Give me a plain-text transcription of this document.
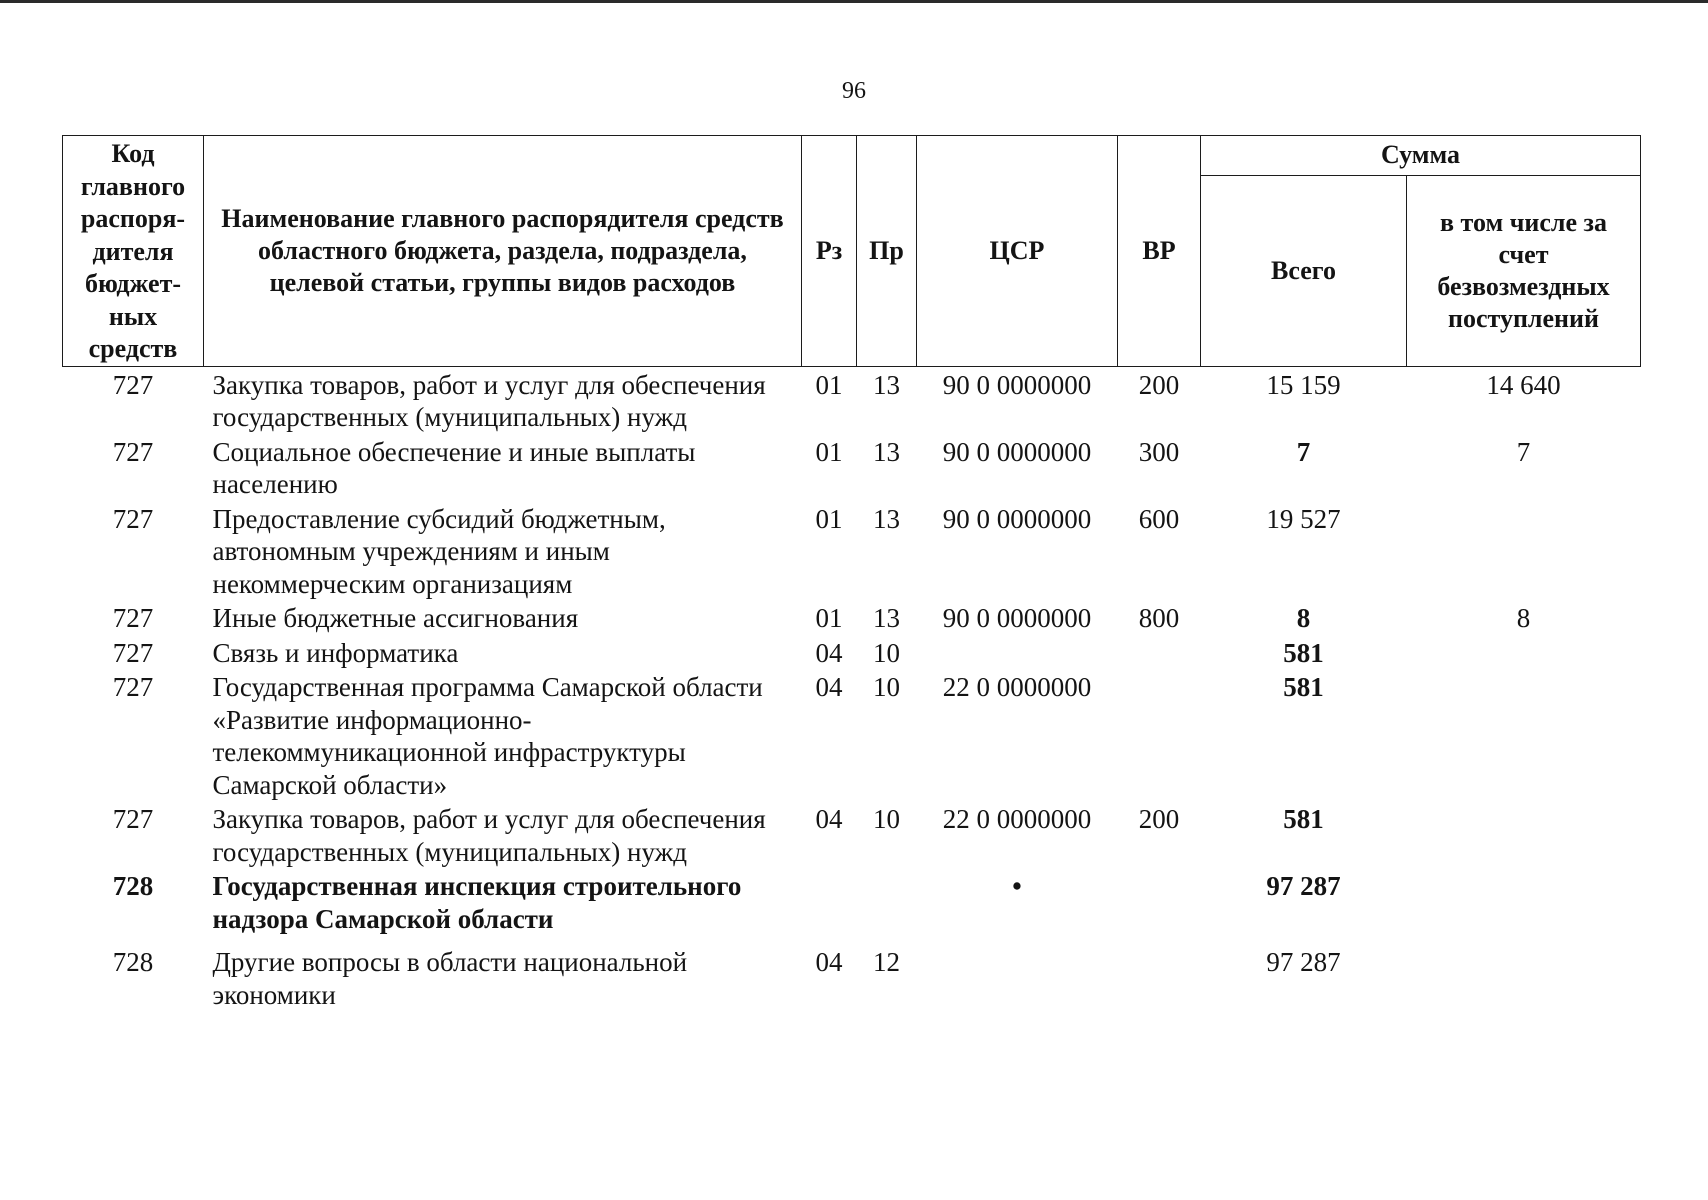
96
Код главного распоря-дителя бюджет-ных средств	Наименование главного распорядителя средств областного бюджета, раздела, подраздела, целевой статьи, группы видов расходов	Рз	Пр	ЦСР	ВР	Сумма	
						Всего	в том числе за счет безвозмездных поступлений
727	Закупка товаров, работ и услуг для обеспечения государственных (муниципальных) нужд	01	13	90 0 0000000	200	15 159	14 640
727	Социальное обеспечение и иные выплаты населению	01	13	90 0 0000000	300	7	7
727	Предоставление субсидий бюджетным, автономным учреждениям и иным некоммерческим организациям	01	13	90 0 0000000	600	19 527	
727	Иные бюджетные ассигнования	01	13	90 0 0000000	800	8	8
727	Связь и информатика	04	10			581	
727	Государственная программа Самарской области «Развитие информационно-телекоммуникационной инфраструктуры Самарской области»	04	10	22 0 0000000		581	
727	Закупка товаров, работ и услуг для обеспечения государственных (муниципальных) нужд	04	10	22 0 0000000	200	581	
728	Государственная инспекция строительного надзора Самарской области			•		97 287	
728	Другие вопросы в области национальной экономики	04	12			97 287	
